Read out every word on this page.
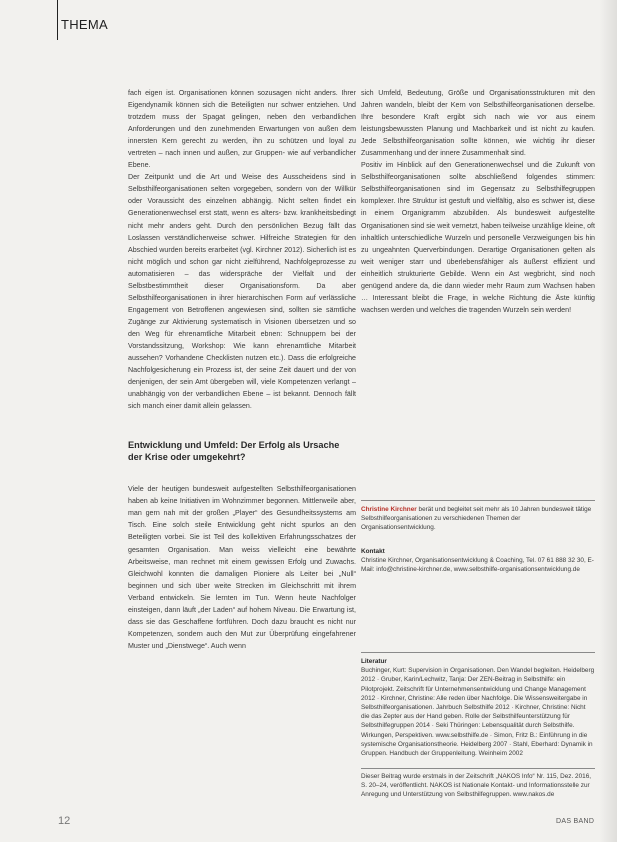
THEMA

fach eigen ist. Organisationen können sozusagen nicht anders. Ihrer Eigendynamik können sich die Beteiligten nur schwer entziehen. Und trotzdem muss der Spagat gelingen, neben den verbandlichen Anforderungen und den zunehmenden Erwartungen von außen dem innersten Kern gerecht zu werden, ihn zu schützen und loyal zu vertreten – nach innen und außen, zur Gruppen- wie auf verbandlicher Ebene.

Der Zeitpunkt und die Art und Weise des Ausscheidens sind in Selbsthilfeorganisationen selten vorgegeben, sondern von der Willkür oder Voraussicht des einzelnen abhängig. Nicht selten findet ein Generationenwechsel erst statt, wenn es alters- bzw. krankheitsbedingt nicht mehr anders geht. Durch den persönlichen Bezug fällt das Loslassen verständlicherweise schwer. Hilfreiche Strategien für den Abschied wurden bereits erarbeitet (vgl. Kirchner 2012). Sicherlich ist es nicht möglich und schon gar nicht zielführend, Nachfolgeprozesse zu automatisieren – das widerspräche der Vielfalt und der Selbstbestimmtheit dieser Organisationsform. Da aber Selbsthilfeorganisationen in ihrer hierarchischen Form auf verlässliche Engagement von Betroffenen angewiesen sind, sollten sie sämtliche Zugänge zur Aktivierung systematisch in Visionen übersetzen und so den Weg für ehrenamtliche Mitarbeit ebnen: Schnuppern bei der Vorstandssitzung, Workshop: Wie kann ehrenamtliche Mitarbeit aussehen? Vorhandene Checklisten nutzen etc.). Dass die erfolgreiche Nachfolgesicherung ein Prozess ist, der seine Zeit dauert und der von denjenigen, der sein Amt übergeben will, viele Kompetenzen verlangt – unabhängig von der verbandlichen Ebene – ist bekannt. Dennoch fällt sich manch einer damit allein gelassen.

Entwicklung und Umfeld: Der Erfolg als Ursache der Krise oder umgekehrt?

Viele der heutigen bundesweit aufgestellten Selbsthilfeorganisationen haben ab keine Initiativen im Wohnzimmer begonnen. Mittlerweile aber, man gern nah mit der großen „Player“ des Gesundheitssystems am Tisch. Eine solch steile Entwicklung geht nicht spurlos an den Beteiligten vorbei. Sie ist Teil des kollektiven Erfahrungsschatzes der gesamten Organisation. Man weiss vielleicht eine bewährte Arbeitsweise, man rechnet mit einem gewissen Erfolg und Zuwachs. Gleichwohl konnten die damaligen Pioniere als Leiter bei „Null“ beginnen und sich über weite Strecken im Gleichschritt mit ihrem Verband entwickeln. Sie lernten im Tun. Wenn heute Nachfolger einsteigen, dann läuft „der Laden“ auf hohem Niveau. Die Erwartung ist, dass sie das Geschaffene fortführen. Doch dazu braucht es nicht nur Kompetenzen, sondern auch den Mut zur Überprüfung eingefahrener Muster und „Dienstwege“. Auch wenn

sich Umfeld, Bedeutung, Größe und Organisationsstrukturen mit den Jahren wandeln, bleibt der Kern von Selbsthilfeorganisationen derselbe. Ihre besondere Kraft ergibt sich nach wie vor aus einem leistungsbewussten Planung und Machbarkeit und ist nicht zu kaufen. Jede Selbsthilfeorganisation sollte können, wie wichtig ihr dieser Zusammenhang und der innere Zusammenhalt sind.

Positiv im Hinblick auf den Generationenwechsel und die Zukunft von Selbsthilfeorganisationen sollte abschließend folgendes stimmen: Selbsthilfeorganisationen sind im Gegensatz zu Selbsthilfegruppen komplexer. Ihre Struktur ist gestuft und vielfältig, also es schwer ist, diese in einem Organigramm abzubilden. Als bundesweit aufgestellte Organisationen sind sie weit vernetzt, haben teilweise unzählige kleine, oft inhaltlich unterschiedliche Wurzeln und personelle Verzweigungen bis hin zu ungeahnten Querverbindungen. Derartige Organisationen gelten als weit weniger starr und überlebensfähiger als äußerst effizient und einheitlich strukturierte Gebilde. Wenn ein Ast wegbricht, sind noch genügend andere da, die dann wieder mehr Raum zum Wachsen haben … Interessant bleibt die Frage, in welche Richtung die Äste künftig wachsen werden und welches die tragenden Wurzeln sein werden!

Christine Kirchner berät und begleitet seit mehr als 10 Jahren bundesweit tätige Selbsthilfeorganisationen zu verschiedenen Themen der Organisationsentwicklung.
Kontakt
Christine Kirchner, Organisationsentwicklung & Coaching, Tel. 07 61 888 32 30, E-Mail: info@christine-kirchner.de, www.selbsthilfe-organisationsentwicklung.de
Literatur
Buchinger, Kurt: Supervision in Organisationen. Den Wandel begleiten. Heidelberg 2012 · Gruber, Karin/Lechwitz, Tanja: Der ZEN-Beitrag in Selbsthilfe: ein Pilotprojekt. Zeitschrift für Unternehmensentwicklung und Change Management 2012 · Kirchner, Christine: Alle reden über Nachfolge. Die Wissensweitergabe in Selbsthilfeorganisationen. Jahrbuch Selbsthilfe 2012 · Kirchner, Christine: Nicht die das Zepter aus der Hand geben. Rolle der Selbsthilfeunterstützung für Selbsthilfegruppen 2014 · Seki Thüringen: Lebensqualität durch Selbsthilfe. Wirkungen, Perspektiven. www.selbsthilfe.de · Simon, Fritz B.: Einführung in die systemische Organisationstheorie. Heidelberg 2007 · Stahl, Eberhard: Dynamik in Gruppen. Handbuch der Gruppenleitung. Weinheim 2002
Dieser Beitrag wurde erstmals in der Zeitschrift „NAKOS Info“ Nr. 115, Dez. 2016, S. 20–24, veröffentlicht. NAKOS ist Nationale Kontakt- und Informationsstelle zur Anregung und Unterstützung von Selbsthilfegruppen. www.nakos.de
12	DAS BAND
